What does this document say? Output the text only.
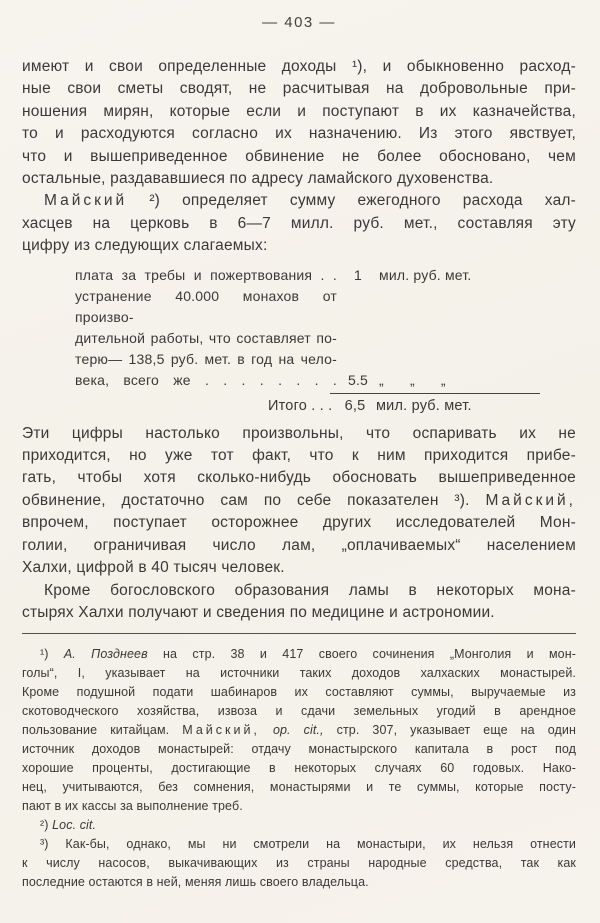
— 403 —
имеют и свои определенные доходы ¹), и обыкновенно расход-
ные свои сметы сводят, не расчитывая на добровольные при-
ношения мирян, которые если и поступают в их казначейства,
то и расходуются согласно их назначению. Из этого явствует,
что и вышеприведенное обвинение не более обосновано, чем
остальные, раздававшиеся по адресу ламайского духовенства.
Майский ²) определяет сумму ежегодного расхода хал-
хасцев на церковь в 6—7 милл. руб. мет., составляя эту
цифру из следующих слагаемых:
плата за требы и пожертвования . .	1	мил. руб. мет.
устранение 40.000 монахов от произво-
дительной работы, что составляет по-
терю— 138,5 руб. мет. в год на чело-
века, всего же . . . . . . . . 5.5 „ „ „
Итого . . . 6,5 мил. руб. мет.
Эти цифры настолько произвольны, что оспаривать их не
приходится, но уже тот факт, что к ним приходится прибе-
гать, чтобы хотя сколько-нибудь обосновать вышеприведенное
обвинение, достаточно сам по себе показателен ³). Майский,
впрочем, поступает осторожнее других исследователей Мон-
голии, ограничивая число лам, „оплачиваемых“ населением
Халхи, цифрой в 40 тысяч человек.
Кроме богословского образования ламы в некоторых мона-
стырях Халхи получают и сведения по медицине и астрономии.
¹) А. Позднеев на стр. 38 и 417 своего сочинения „Монголия и мон-
голы“, I, указывает на источники таких доходов халхаских монастырей.
Кроме подушной подати шабинаров их составляют суммы, выручаемые из
скотоводческого хозяйства, извоза и сдачи земельных угодий в арендное
пользование китайцам. Майский, ор. cit., стр. 307, указывает еще на один
источник доходов монастырей: отдачу монастырского капитала в рост под
хорошие проценты, достигающие в некоторых случаях 60 годовых. Нако-
нец, учитываются, без сомнения, монастырями и те суммы, которые посту-
пают в их кассы за выполнение треб.
²) Loc. cit.
³) Как-бы, однако, мы ни смотрели на монастыри, их нельзя отнести
к числу насосов, выкачивающих из страны народные средства, так как
последние остаются в ней, меняя лишь своего владельца.
